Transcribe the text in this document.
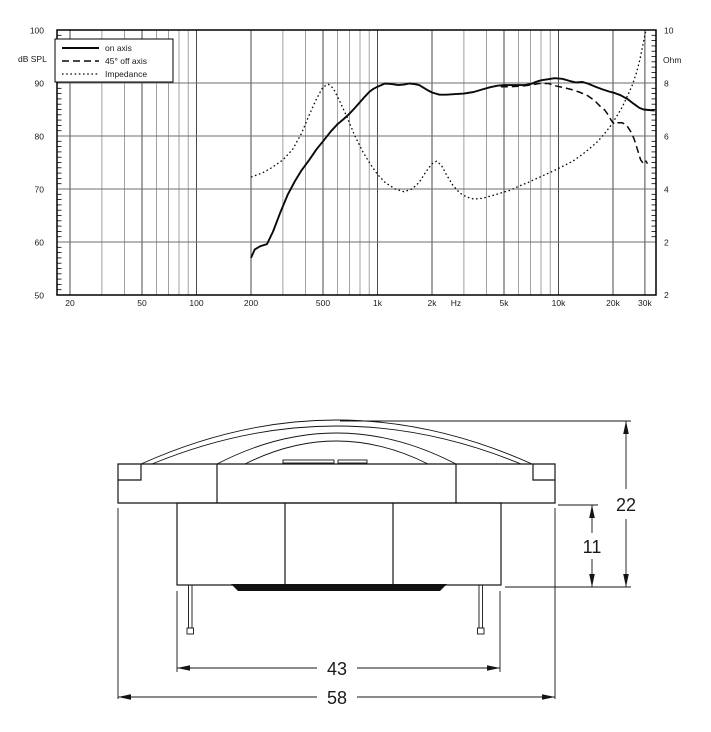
100
90
80
70
60
50
10
8
6
4
2
20	50	100	200	500	1k	2k	5k	10k	20k 30k
dB SPL	Ohm
Hz
2
on axis
45° off axis
Impedance
58
43
22
11
